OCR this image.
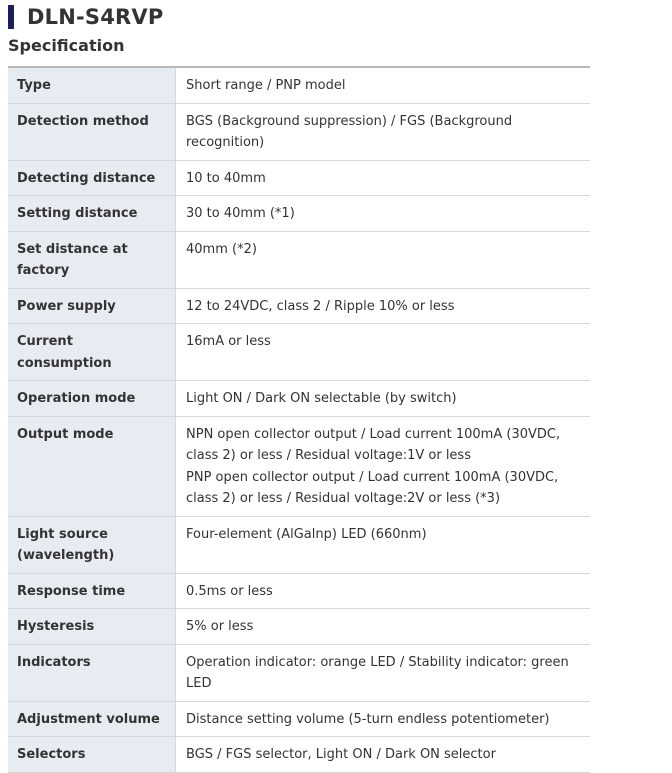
DLN-S4RVP
Specification
Type	Short range / PNP model

Detection method	BGS (Background suppression) / FGS (Background recognition)

Detecting distance	10 to 40mm

Setting distance	30 to 40mm (*1)

Set distance at factory	40mm (*2)

Power supply	12 to 24VDC, class 2 / Ripple 10% or less

Current consumption	16mA or less

Operation mode	Light ON / Dark ON selectable (by switch)

Output mode	NPN open collector output / Load current 100mA (30VDC, class 2) or less / Residual voltage:1V or less
PNP open collector output / Load current 100mA (30VDC, class 2) or less / Residual voltage:2V or less (*3)

Light source (wavelength)	Four-element (AlGalnp) LED (660nm)

Response time	0.5ms or less

Hysteresis	5% or less

Indicators	Operation indicator: orange LED / Stability indicator: green LED

Adjustment volume	Distance setting volume (5-turn endless potentiometer)

Selectors	BGS / FGS selector, Light ON / Dark ON selector
